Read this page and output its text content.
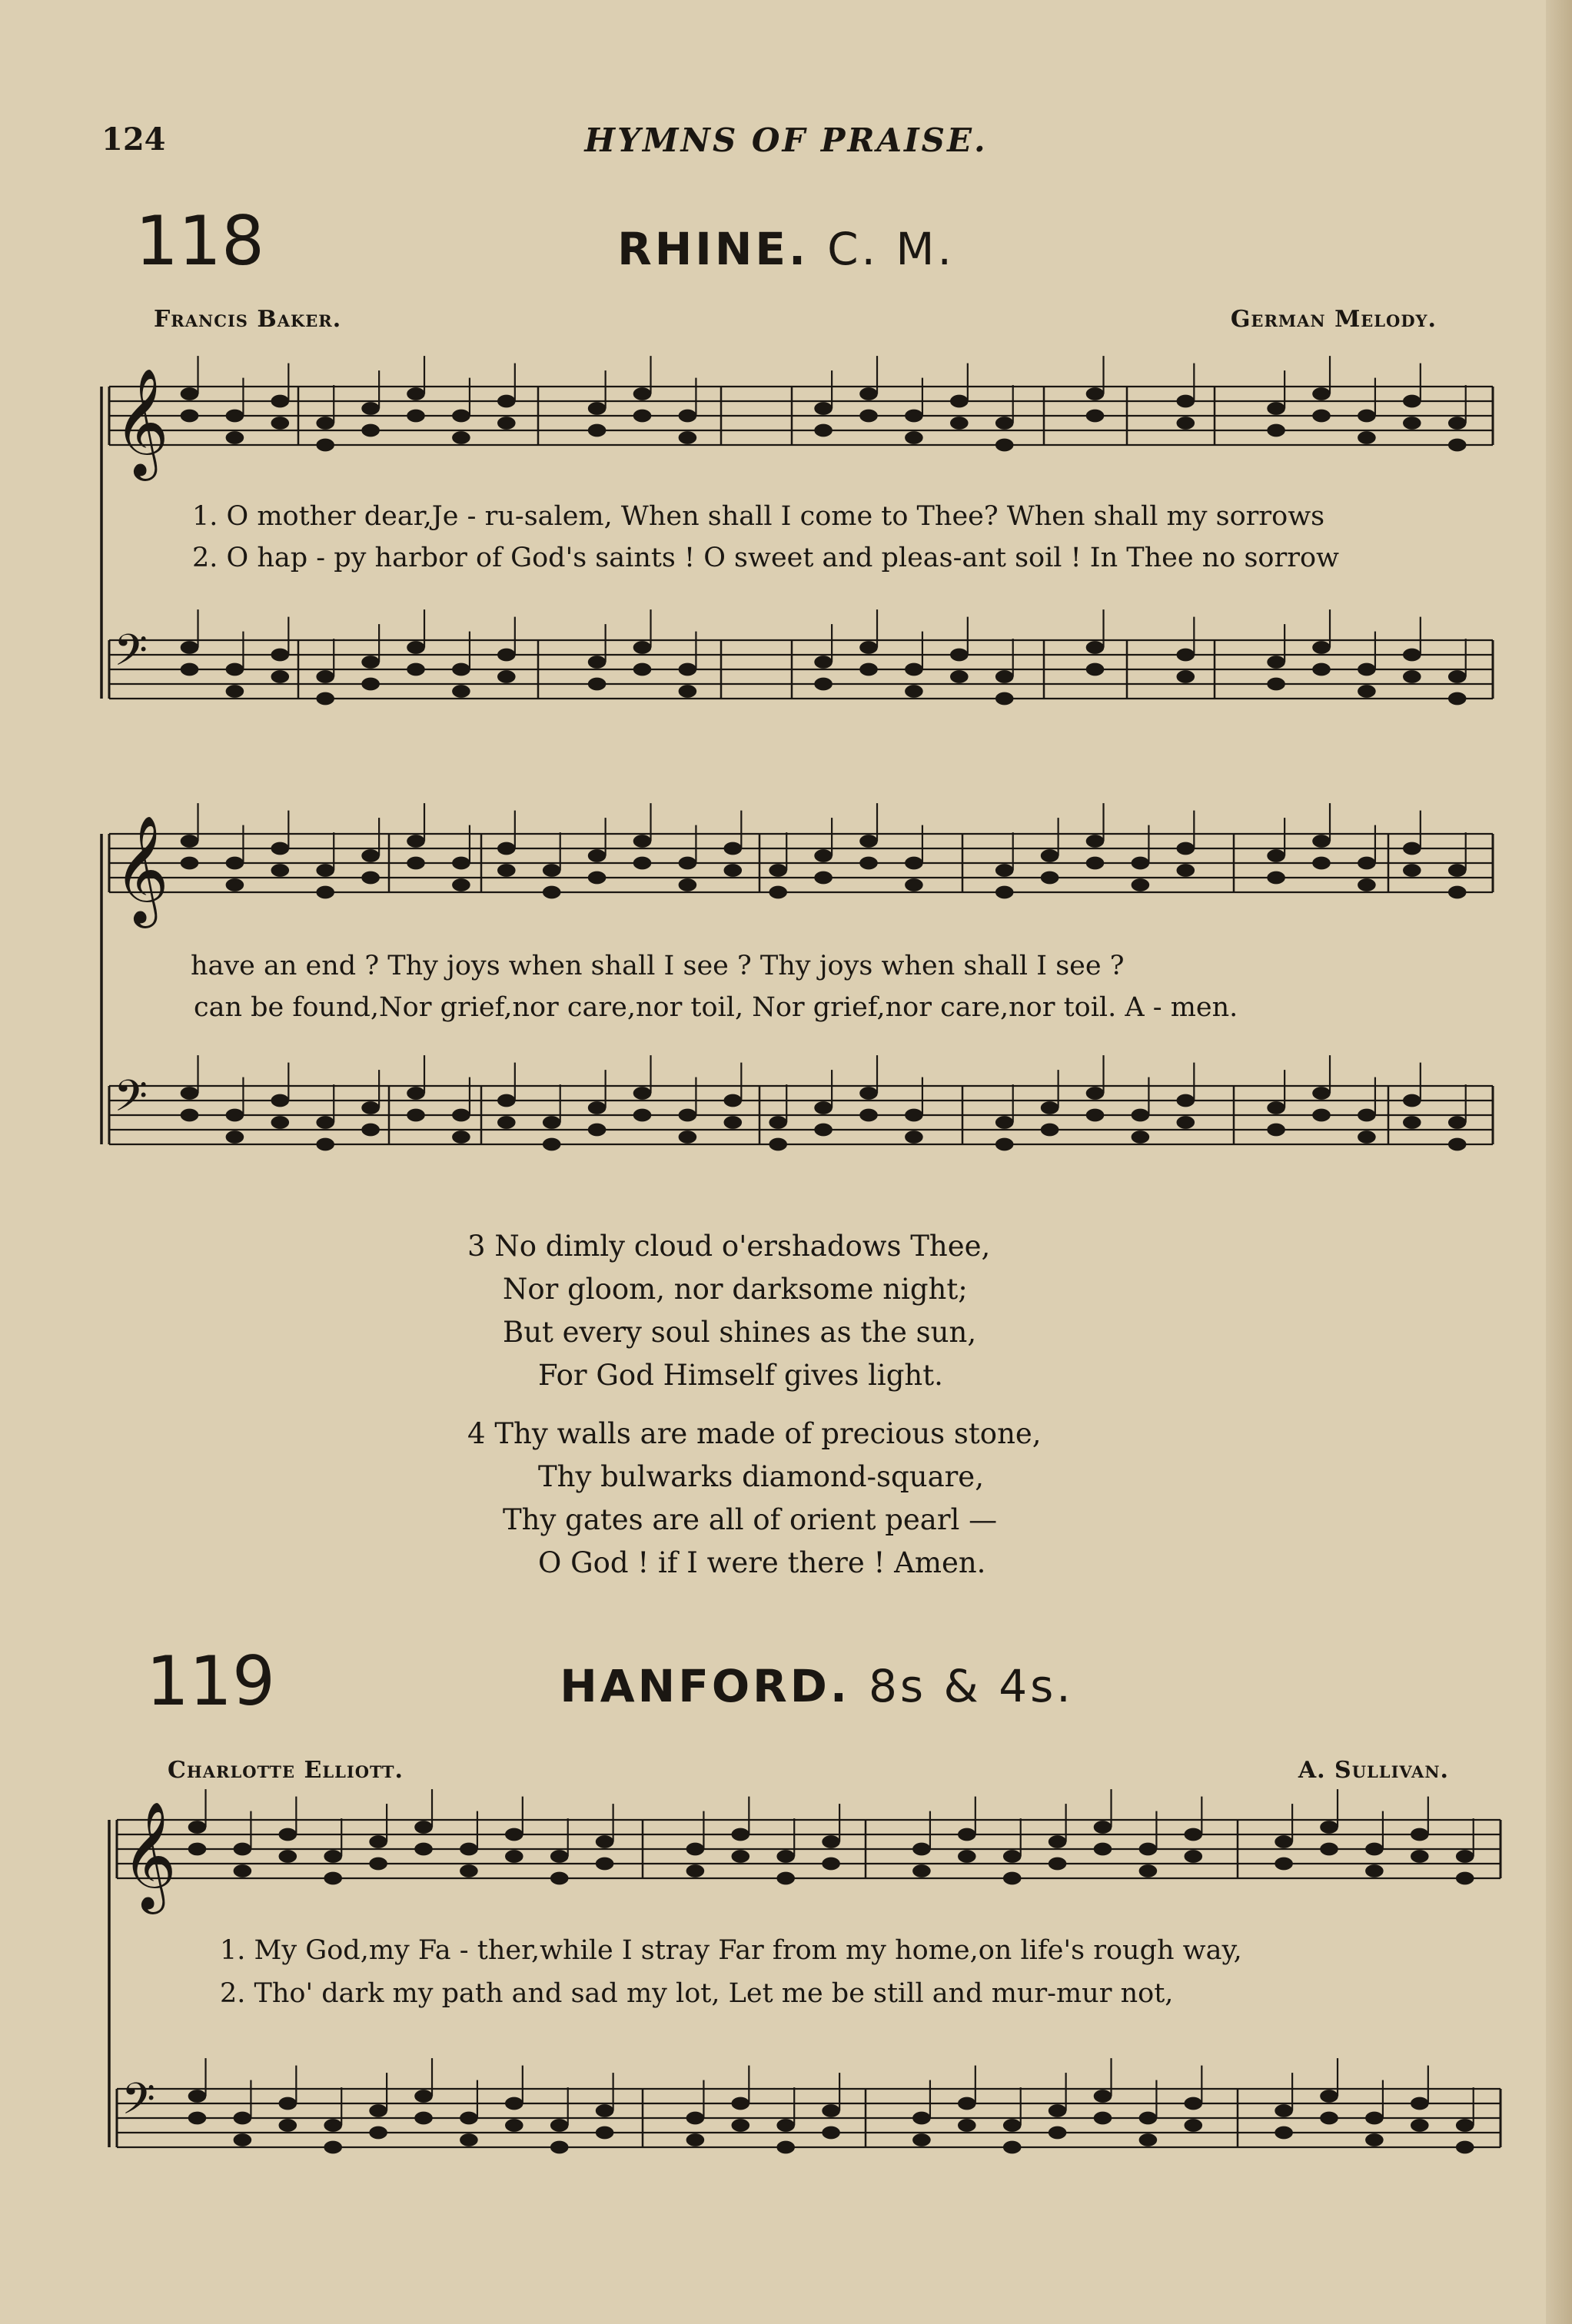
124	HYMNS OF PRAISE.
118	RHINE. C. M.
Francis Baker.	German Melody.
𝄞
𝄢
𝄞
𝄢
𝄞
𝄢
1. O mother dear,Je - ru-salem, When shall I come to Thee? When shall my sorrows
2. O hap - py harbor of God's saints ! O sweet and pleas-ant soil ! In Thee no sorrow
have an end ? Thy joys when shall I see ? Thy joys when shall I see ?
can be found,Nor grief,nor care,nor toil, Nor grief,nor care,nor toil. A - men.
3 No dimly cloud o'ershadows Thee,
Nor gloom, nor darksome night;
But every soul shines as the sun,
For God Himself gives light.
4 Thy walls are made of precious stone,
Thy bulwarks diamond-square,
Thy gates are all of orient pearl —
O God ! if I were there ! Amen.
119	HANFORD. 8s & 4s.
Charlotte Elliott.	A. Sullivan.
1. My God,my Fa - ther,while I stray Far from my home,on life's rough way,
2. Tho' dark my path and sad my lot, Let me be still and mur-mur not,
